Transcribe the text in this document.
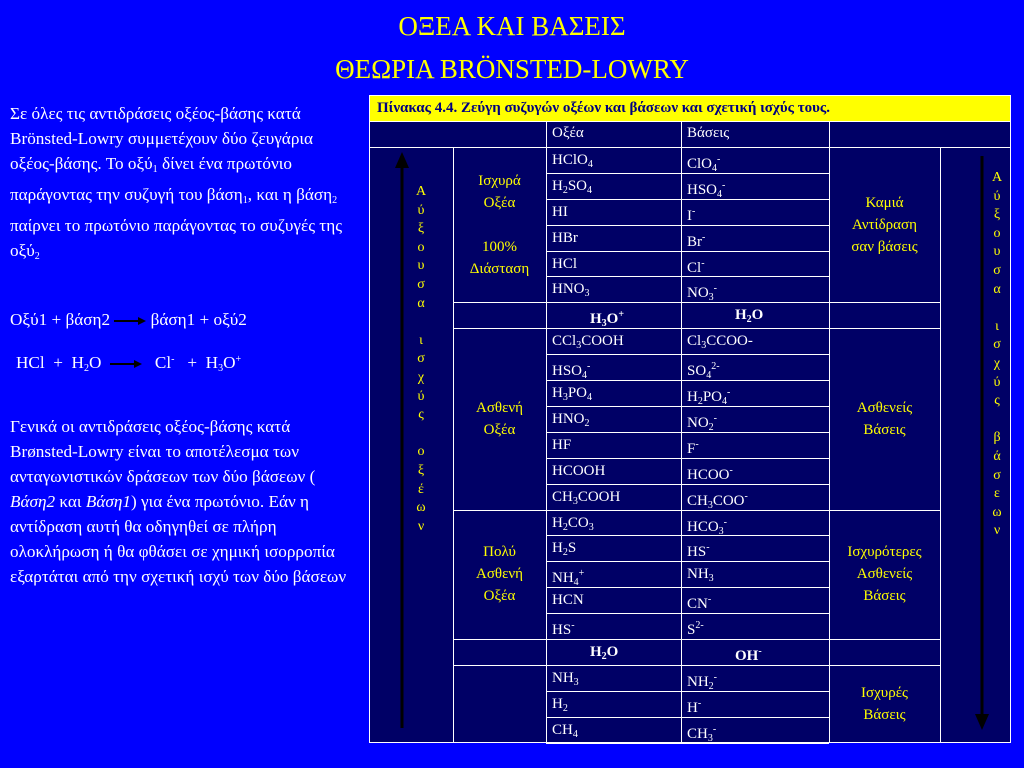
ΟΞΕΑ ΚΑΙ ΒΑΣΕΙΣ
ΘΕΩΡΙΑ BRÖNSTED-LOWRY

Σε όλες τις αντιδράσεις οξέος-βάσης κατά Brönsted-Lowry συμμετέχουν δύο ζευγάρια οξέος-βάσης. Το οξύ$_1$ δίνει ένα πρωτόνιο παράγοντας την συζυγή του βάση$_1$, και η βάση$_2$ παίρνει το πρωτόνιο παράγοντας το συζυγές της οξύ$_2$

Οξύ1 + βάση2 βάση1 + οξύ2
HCl + $H_2O$	$Cl^- + H_3O^+$

Γενικά οι αντιδράσεις οξέος-βάσης κατά Brønsted-Lowry είναι το αποτέλεσμα των ανταγωνιστικών δράσεων των δύο βάσεων ( Βάση2 και Βάση1) για ένα πρωτόνιο. Εάν η αντίδραση αυτή θα οδηγηθεί σε πλήρη ολοκλήρωση ή θα φθάσει σε χημική ισορροπία εξαρτάται από την σχετική ισχύ των δύο βάσεων

Πίνακας 4.4. Ζεύγη συζυγών οξέων και βάσεων και σχετική ισχύς τους.
Οξέα	Βάσεις
HClO$_4$	ClO$_4$-
$H_2SO_4$	$HSO_4^-$
HI	I-
HBr	Br-
HCl	Cl-
$HNO_3$	$NO_3^-$
$H_3O^+$	$H_2O$
CCl$_3$COOH	$Cl_3CCOO-$
$HSO_4^-$	$SO_4^{2-}$
$H_3PO_4$	$H_2PO_4^-$
$HNO_2$	$NO_2^-$
HF	F-
HCOOH	HCOO-
$CH_3COOH$	$CH_3COO^-$
$H_2CO_3$	$HCO_3^-$
$H_2S$	HS-
$NH_4^+$	$NH_3$
HCN	CN-
HS-	$S^{2-}$
$H_2O$	OH-
$NH_3$	$NH_2^-$
$H_2$	H-
$CH_4$	$CH_3^-$
Ισχυρά
Οξέα

100%
Διάσταση
Ασθενή
Οξέα
Πολύ
Ασθενή
Οξέα
Καμιά
Αντίδραση
σαν βάσεις
Ασθενείς
Βάσεις
Ισχυρότερες
Ασθενείς
Βάσεις
Ισχυρές
Βάσεις
Α
ύ
ξ
ο
υ
σ
α

ι
σ
χ
ύ
ς

ο
ξ
έ
ω
ν
Α
ύ
ξ
ο
υ
σ
α

ι
σ
χ
ύ
ς

β
ά
σ
ε
ω
ν
